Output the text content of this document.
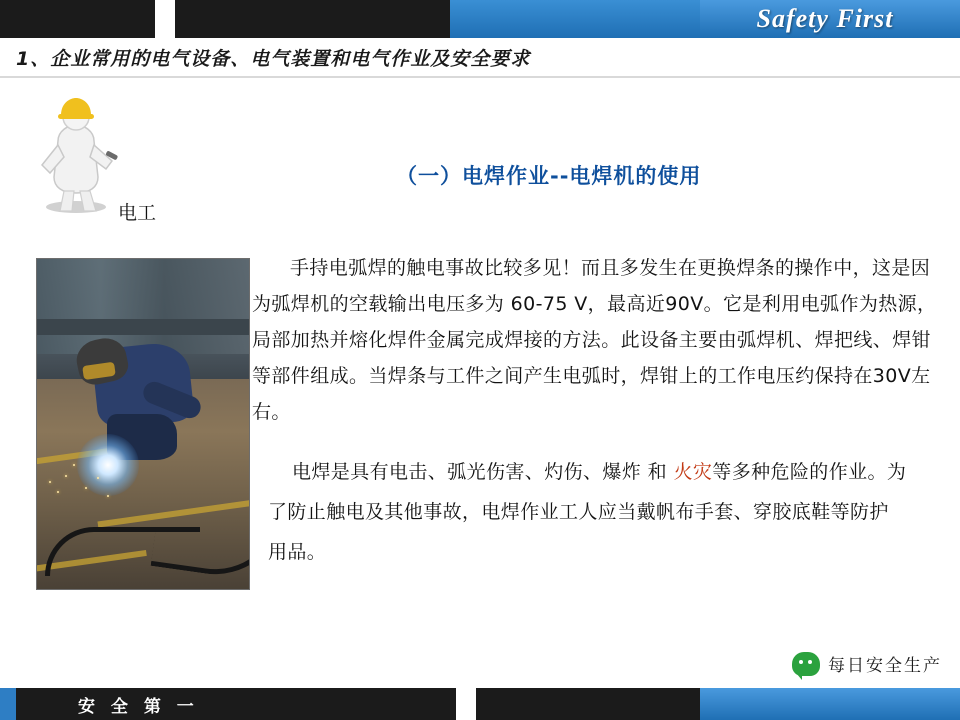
Safety First
1、企业常用的电气设备、电气装置和电气作业及安全要求
电工
（一）电焊作业--电焊机的使用
手持电弧焊的触电事故比较多见！而且多发生在更换焊条的操作中，这是因为弧焊机的空载输出电压多为 60-75 Ⅴ，最高近90V。它是利用电弧作为热源，局部加热并熔化焊件金属完成焊接的方法。此设备主要由弧焊机、焊把线、焊钳等部件组成。当焊条与工件之间产生电弧时，焊钳上的工作电压约保持在30V左右。
电焊是具有电击、弧光伤害、灼伤、爆炸 和 火灾等多种危险的作业。为了防止触电及其他事故，电焊作业工人应当戴帆布手套、穿胶底鞋等防护用品。
每日安全生产
安 全 第 一
